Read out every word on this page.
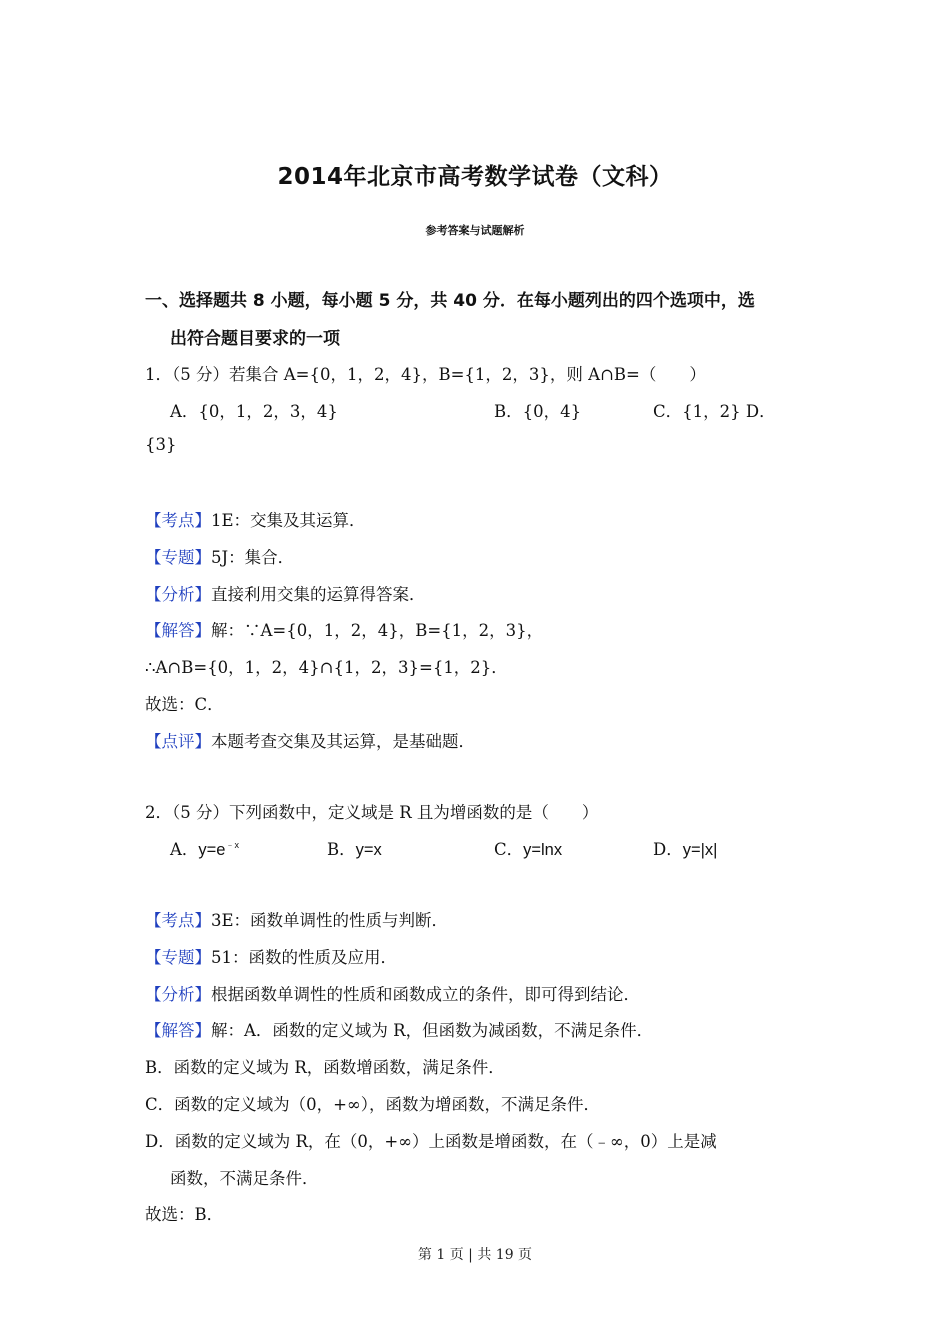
2014年北京市高考数学试卷（文科）
参考答案与试题解析
一、选择题共 8 小题，每小题 5 分，共 40 分．在每小题列出的四个选项中，选
出符合题目要求的一项
1．（5 分）若集合 A={0，1，2，4}，B={1，2，3}，则 A∩B=（　　）
A．{0，1，2，3，4}	B．{0，4}	C．{1，2} D．
{3}
【考点】1E：交集及其运算．
【专题】5J：集合．
【分析】直接利用交集的运算得答案．
【解答】解：∵A={0，1，2，4}，B={1，2，3}，
∴A∩B={0，1，2，4}∩{1，2，3}={1，2}．
故选：C．
【点评】本题考查交集及其运算，是基础题．
2．（5 分）下列函数中，定义域是 R 且为增函数的是（　　）
A．$y=e^{﹣x}$	B．y=x	C．y=lnx	D．y=|x|
【考点】3E：函数单调性的性质与判断．
【专题】51：函数的性质及应用．
【分析】根据函数单调性的性质和函数成立的条件，即可得到结论．
【解答】解：A．函数的定义域为 R，但函数为减函数，不满足条件．
B．函数的定义域为 R，函数增函数，满足条件．
C．函数的定义域为（0，+∞），函数为增函数，不满足条件．
D．函数的定义域为 R，在（0，+∞）上函数是增函数，在（﹣∞，0）上是减
函数，不满足条件．
故选：B．
第 1 页 | 共 19 页
